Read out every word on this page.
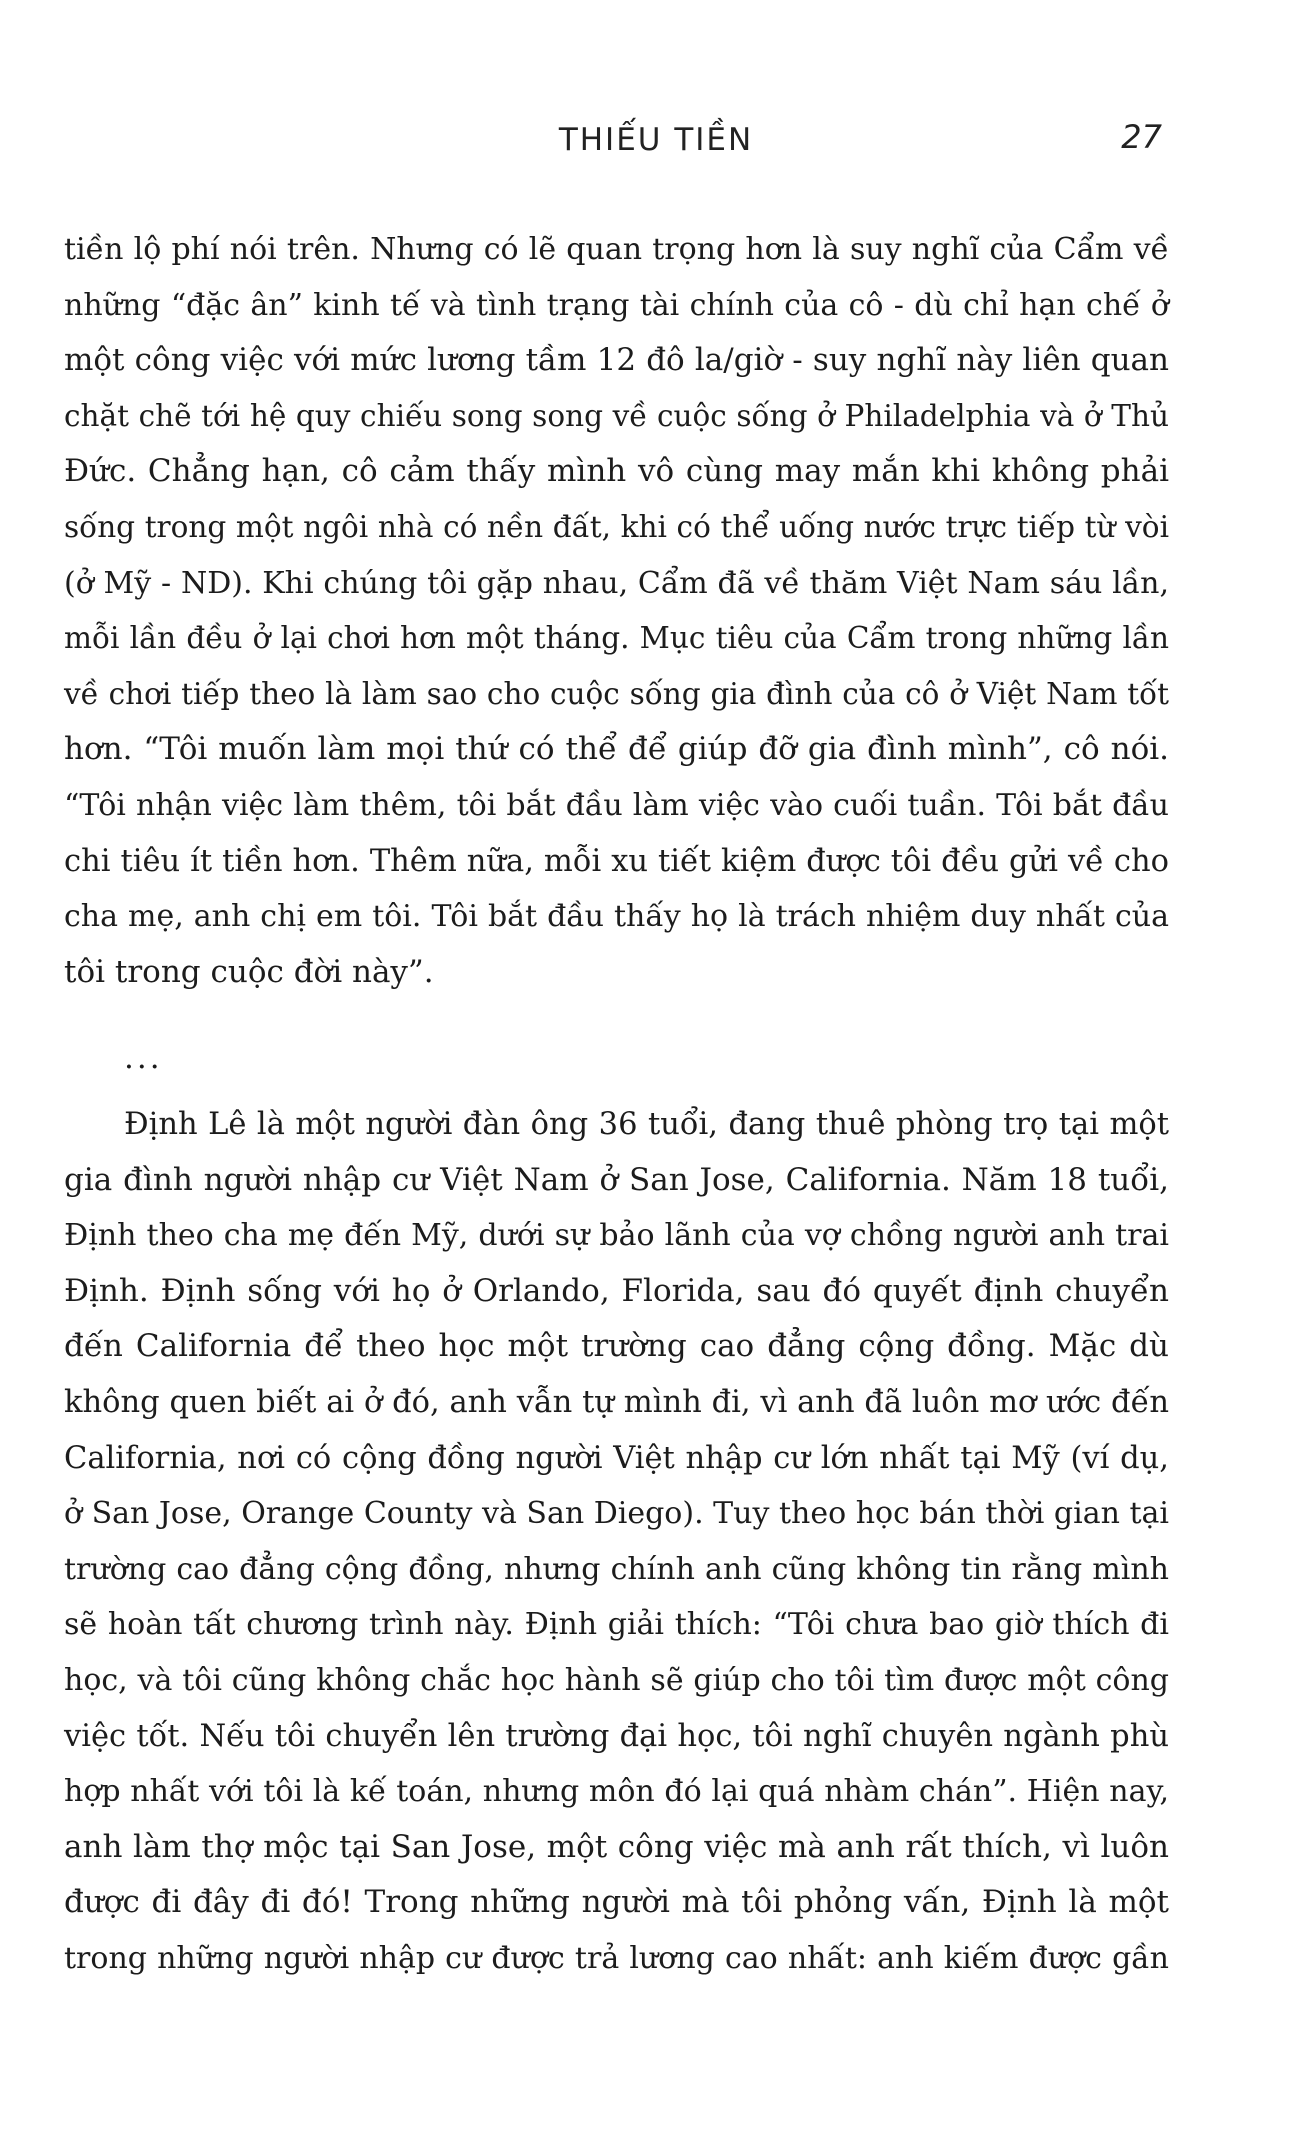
THIẾU TIỀN	27
tiền lộ phí nói trên. Nhưng có lẽ quan trọng hơn là suy nghĩ của Cẩm về
những “đặc ân” kinh tế và tình trạng tài chính của cô - dù chỉ hạn chế ở
một công việc với mức lương tầm 12 đô la/giờ - suy nghĩ này liên quan
chặt chẽ tới hệ quy chiếu song song về cuộc sống ở Philadelphia và ở Thủ
Đức. Chẳng hạn, cô cảm thấy mình vô cùng may mắn khi không phải
sống trong một ngôi nhà có nền đất, khi có thể uống nước trực tiếp từ vòi
(ở Mỹ - ND). Khi chúng tôi gặp nhau, Cẩm đã về thăm Việt Nam sáu lần,
mỗi lần đều ở lại chơi hơn một tháng. Mục tiêu của Cẩm trong những lần
về chơi tiếp theo là làm sao cho cuộc sống gia đình của cô ở Việt Nam tốt
hơn. “Tôi muốn làm mọi thứ có thể để giúp đỡ gia đình mình”, cô nói.
“Tôi nhận việc làm thêm, tôi bắt đầu làm việc vào cuối tuần. Tôi bắt đầu
chi tiêu ít tiền hơn. Thêm nữa, mỗi xu tiết kiệm được tôi đều gửi về cho
cha mẹ, anh chị em tôi. Tôi bắt đầu thấy họ là trách nhiệm duy nhất của
tôi trong cuộc đời này”.
...
Định Lê là một người đàn ông 36 tuổi, đang thuê phòng trọ tại một
gia đình người nhập cư Việt Nam ở San Jose, California. Năm 18 tuổi,
Định theo cha mẹ đến Mỹ, dưới sự bảo lãnh của vợ chồng người anh trai
Định. Định sống với họ ở Orlando, Florida, sau đó quyết định chuyển
đến California để theo học một trường cao đẳng cộng đồng. Mặc dù
không quen biết ai ở đó, anh vẫn tự mình đi, vì anh đã luôn mơ ước đến
California, nơi có cộng đồng người Việt nhập cư lớn nhất tại Mỹ (ví dụ,
ở San Jose, Orange County và San Diego). Tuy theo học bán thời gian tại
trường cao đẳng cộng đồng, nhưng chính anh cũng không tin rằng mình
sẽ hoàn tất chương trình này. Định giải thích: “Tôi chưa bao giờ thích đi
học, và tôi cũng không chắc học hành sẽ giúp cho tôi tìm được một công
việc tốt. Nếu tôi chuyển lên trường đại học, tôi nghĩ chuyên ngành phù
hợp nhất với tôi là kế toán, nhưng môn đó lại quá nhàm chán”. Hiện nay,
anh làm thợ mộc tại San Jose, một công việc mà anh rất thích, vì luôn
được đi đây đi đó! Trong những người mà tôi phỏng vấn, Định là một
trong những người nhập cư được trả lương cao nhất: anh kiếm được gần
